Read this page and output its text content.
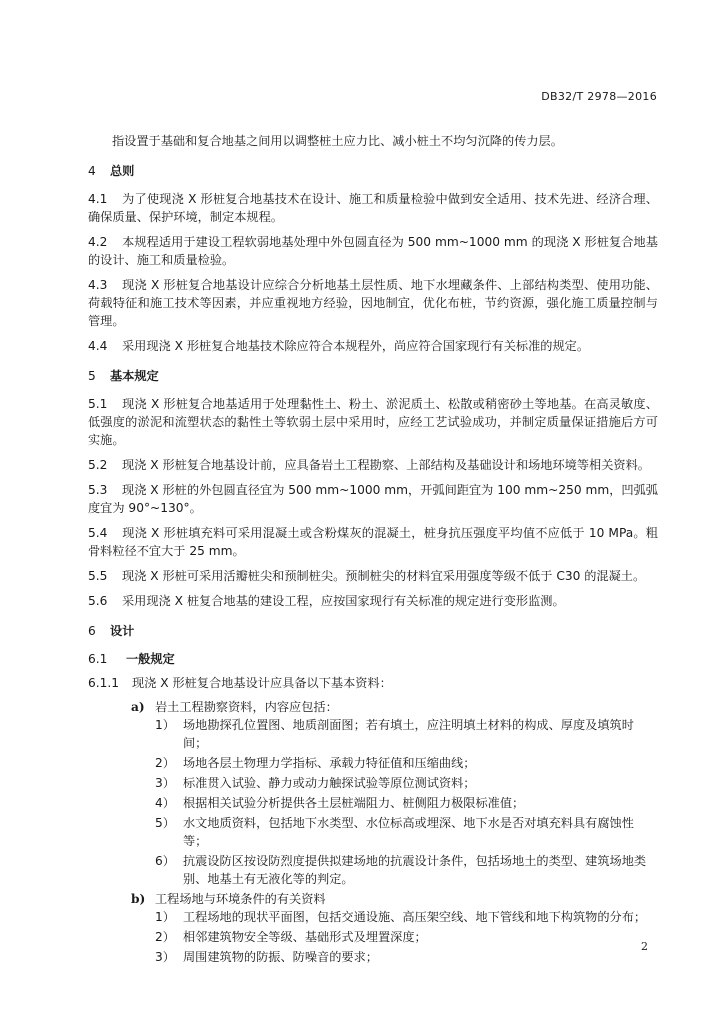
DB32/T 2978—2016

指设置于基础和复合地基之间用以调整桩土应力比、减小桩土不均匀沉降的传力层。

4 总则
4.1 为了使现浇 X 形桩复合地基技术在设计、施工和质量检验中做到安全适用、技术先进、经济合理、确保质量、保护环境，制定本规程。
4.2 本规程适用于建设工程软弱地基处理中外包圆直径为 500 mm~1000 mm 的现浇 X 形桩复合地基的设计、施工和质量检验。
4.3 现浇 X 形桩复合地基设计应综合分析地基土层性质、地下水埋藏条件、上部结构类型、使用功能、荷载特征和施工技术等因素，并应重视地方经验，因地制宜，优化布桩，节约资源，强化施工质量控制与管理。
4.4 采用现浇 X 形桩复合地基技术除应符合本规程外，尚应符合国家现行有关标准的规定。
5 基本规定
5.1 现浇 X 形桩复合地基适用于处理黏性土、粉土、淤泥质土、松散或稍密砂土等地基。在高灵敏度、低强度的淤泥和流塑状态的黏性土等软弱土层中采用时，应经工艺试验成功，并制定质量保证措施后方可实施。
5.2 现浇 X 形桩复合地基设计前，应具备岩土工程勘察、上部结构及基础设计和场地环境等相关资料。
5.3 现浇 X 形桩的外包圆直径宜为 500 mm~1000 mm，开弧间距宜为 100 mm~250 mm，凹弧弧度宜为 90°~130°。
5.4 现浇 X 形桩填充料可采用混凝土或含粉煤灰的混凝土，桩身抗压强度平均值不应低于 10 MPa。粗骨料粒径不宜大于 25 mm。
5.5 现浇 X 形桩可采用活瓣桩尖和预制桩尖。预制桩尖的材料宜采用强度等级不低于 C30 的混凝土。
5.6 采用现浇 X 桩复合地基的建设工程，应按国家现行有关标准的规定进行变形监测。
6 设计
6.1 一般规定
6.1.1 现浇 X 形桩复合地基设计应具备以下基本资料：
a) 岩土工程勘察资料，内容应包括：
1） 场地勘探孔位置图、地质剖面图；若有填土，应注明填土材料的构成、厚度及填筑时间；
2） 场地各层土物理力学指标、承载力特征值和压缩曲线；
3） 标准贯入试验、静力或动力触探试验等原位测试资料；
4） 根据相关试验分析提供各土层桩端阻力、桩侧阻力极限标准值；
5） 水文地质资料，包括地下水类型、水位标高或埋深、地下水是否对填充料具有腐蚀性等；
6） 抗震设防区按设防烈度提供拟建场地的抗震设计条件，包括场地土的类型、建筑场地类别、地基土有无液化等的判定。
b) 工程场地与环境条件的有关资料
1） 工程场地的现状平面图，包括交通设施、高压架空线、地下管线和地下构筑物的分布；
2） 相邻建筑物安全等级、基础形式及埋置深度；
3） 周围建筑物的防振、防噪音的要求；
2
